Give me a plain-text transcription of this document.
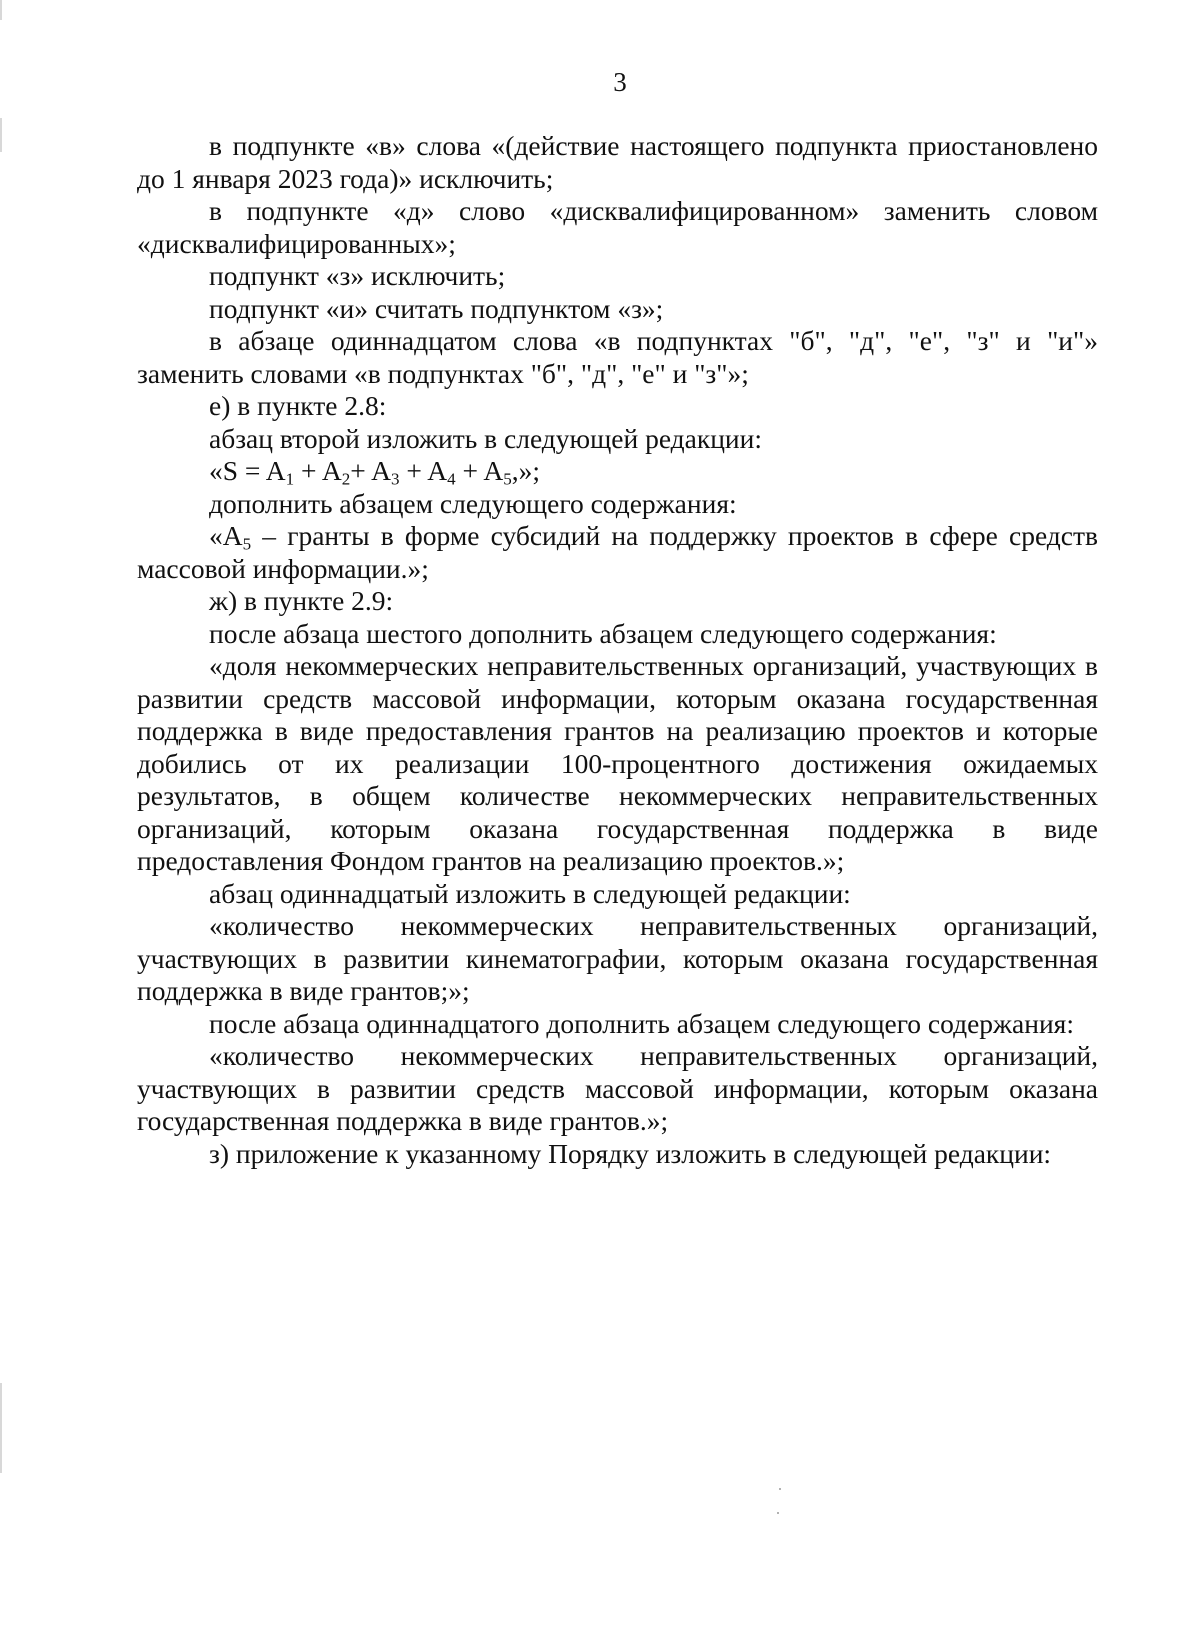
3

в подпункте «в» слова «(действие настоящего подпункта приостановлено до 1 января 2023 года)» исключить;

в подпункте «д» слово «дисквалифицированном» заменить словом «дисквалифицированных»;

подпункт «з» исключить;

подпункт «и» считать подпунктом «з»;

в абзаце одиннадцатом слова «в подпунктах "б", "д", "е", "з" и "и"» заменить словами «в подпунктах "б", "д", "е" и "з"»;

е) в пункте 2.8:

абзац второй изложить в следующей редакции:

«$S = A_1 + A_2+ A_3 + A_4 + A_5$,»;

дополнить абзацем следующего содержания:

«$A_5$ – гранты в форме субсидий на поддержку проектов в сфере средств массовой информации.»;

ж) в пункте 2.9:

после абзаца шестого дополнить абзацем следующего содержания:

«доля некоммерческих неправительственных организаций, участвующих в развитии средств массовой информации, которым оказана государственная поддержка в виде предоставления грантов на реализацию проектов и которые добились от их реализации 100-процентного достижения ожидаемых результатов, в общем количестве некоммерческих неправительственных организаций, которым оказана государственная поддержка в виде предоставления Фондом грантов на реализацию проектов.»;

абзац одиннадцатый изложить в следующей редакции:

«количество некоммерческих неправительственных организаций, участвующих в развитии кинематографии, которым оказана государственная поддержка в виде грантов;»;

после абзаца одиннадцатого дополнить абзацем следующего содержания:

«количество некоммерческих неправительственных организаций, участвующих в развитии средств массовой информации, которым оказана государственная поддержка в виде грантов.»;

з) приложение к указанному Порядку изложить в следующей редакции:
